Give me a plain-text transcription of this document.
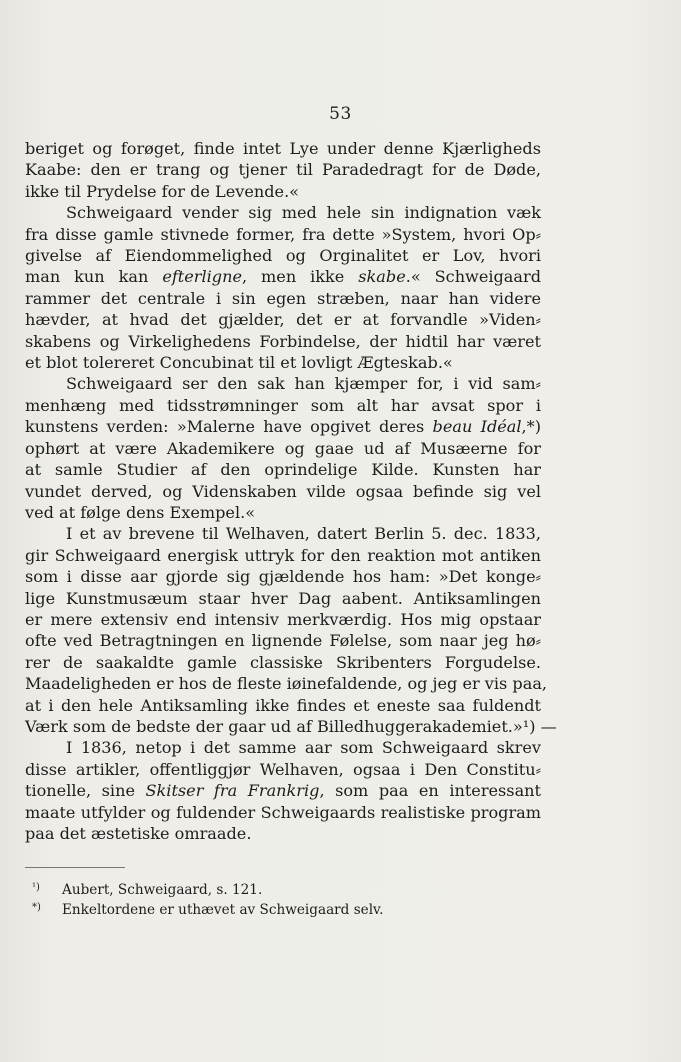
53
beriget og forøget, finde intet Lye under denne Kjærligheds
Kaabe: den er trang og tjener til Paradedragt for de Døde,
ikke til Prydelse for de Levende.«
Schweigaard vender sig med hele sin indignation væk
fra disse gamle stivnede former, fra dette »System, hvori Op⸗
givelse af Eiendommelighed og Orginalitet er Lov, hvori
man kun kan efterligne, men ikke skabe.« Schweigaard
rammer det centrale i sin egen stræben, naar han videre
hævder, at hvad det gjælder, det er at forvandle »Viden⸗
skabens og Virkelighedens Forbindelse, der hidtil har været
et blot tolereret Concubinat til et lovligt Ægteskab.«
Schweigaard ser den sak han kjæmper for, i vid sam⸗
menhæng med tidsstrømninger som alt har avsat spor i
kunstens verden: »Malerne have opgivet deres beau Idéal,*)
ophørt at være Akademikere og gaae ud af Musæerne for
at samle Studier af den oprindelige Kilde. Kunsten har
vundet derved, og Videnskaben vilde ogsaa befinde sig vel
ved at følge dens Exempel.«
I et av brevene til Welhaven, datert Berlin 5. dec. 1833,
gir Schweigaard energisk uttryk for den reaktion mot antiken
som i disse aar gjorde sig gjældende hos ham: »Det konge⸗
lige Kunstmusæum staar hver Dag aabent. Antiksamlingen
er mere extensiv end intensiv merkværdig. Hos mig opstaar
ofte ved Betragtningen en lignende Følelse, som naar jeg hø⸗
rer de saakaldte gamle classiske Skribenters Forgudelse.
Maadeligheden er hos de fleste iøinefaldende, og jeg er vis paa,
at i den hele Antiksamling ikke findes et eneste saa fuldendt
Værk som de bedste der gaar ud af Billedhuggerakademiet.»¹) —
I 1836, netop i det samme aar som Schweigaard skrev
disse artikler, offentliggjør Welhaven, ogsaa i Den Constitu⸗
tionelle, sine Skitser fra Frankrig, som paa en interessant
maate utfylder og fuldender Schweigaards realistiske program
paa det æstetiske omraade.
¹)	Aubert, Schweigaard, s. 121.
*)	Enkeltordene er uthævet av Schweigaard selv.
